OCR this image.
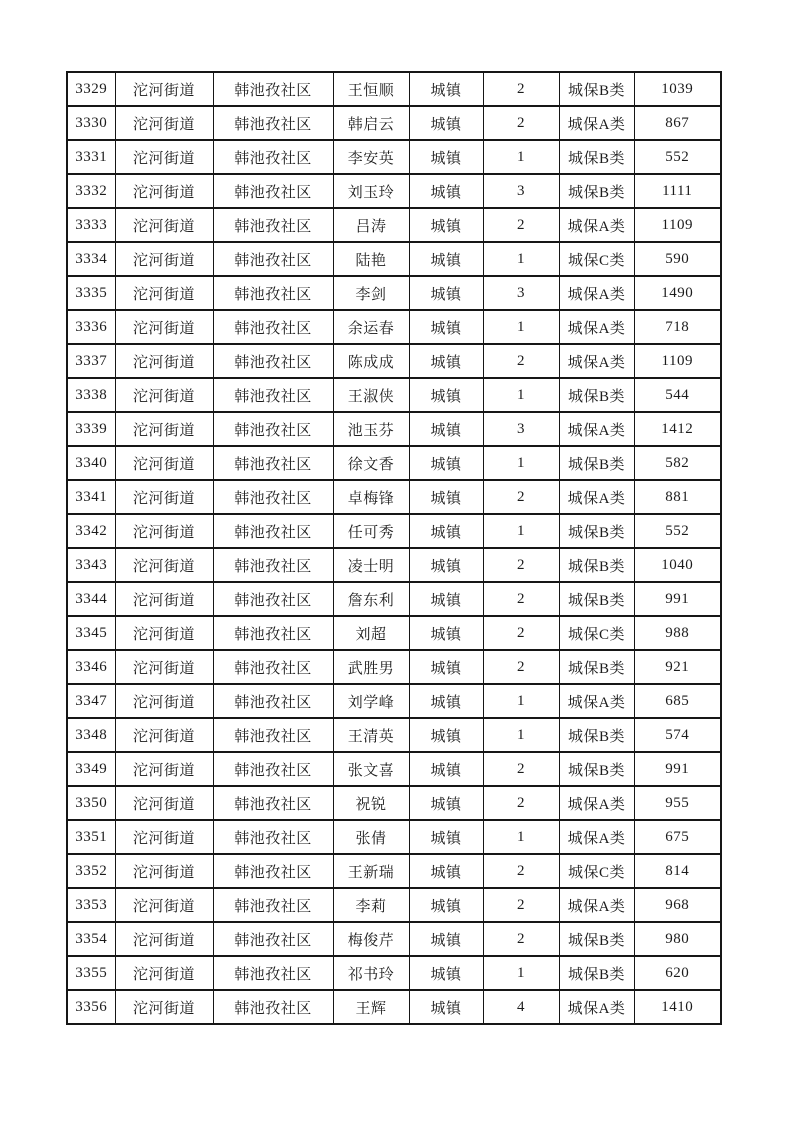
3329	沱河街道	韩池孜社区	王恒顺	城镇	2	城保B类	1039
3330	沱河街道	韩池孜社区	韩启云	城镇	2	城保A类	867
3331	沱河街道	韩池孜社区	李安英	城镇	1	城保B类	552
3332	沱河街道	韩池孜社区	刘玉玲	城镇	3	城保B类	1111
3333	沱河街道	韩池孜社区	吕涛	城镇	2	城保A类	1109
3334	沱河街道	韩池孜社区	陆艳	城镇	1	城保C类	590
3335	沱河街道	韩池孜社区	李剑	城镇	3	城保A类	1490
3336	沱河街道	韩池孜社区	余运春	城镇	1	城保A类	718
3337	沱河街道	韩池孜社区	陈成成	城镇	2	城保A类	1109
3338	沱河街道	韩池孜社区	王淑侠	城镇	1	城保B类	544
3339	沱河街道	韩池孜社区	池玉芬	城镇	3	城保A类	1412
3340	沱河街道	韩池孜社区	徐文香	城镇	1	城保B类	582
3341	沱河街道	韩池孜社区	卓梅锋	城镇	2	城保A类	881
3342	沱河街道	韩池孜社区	任可秀	城镇	1	城保B类	552
3343	沱河街道	韩池孜社区	凌士明	城镇	2	城保B类	1040
3344	沱河街道	韩池孜社区	詹东利	城镇	2	城保B类	991
3345	沱河街道	韩池孜社区	刘超	城镇	2	城保C类	988
3346	沱河街道	韩池孜社区	武胜男	城镇	2	城保B类	921
3347	沱河街道	韩池孜社区	刘学峰	城镇	1	城保A类	685
3348	沱河街道	韩池孜社区	王清英	城镇	1	城保B类	574
3349	沱河街道	韩池孜社区	张文喜	城镇	2	城保B类	991
3350	沱河街道	韩池孜社区	祝锐	城镇	2	城保A类	955
3351	沱河街道	韩池孜社区	张倩	城镇	1	城保A类	675
3352	沱河街道	韩池孜社区	王新瑞	城镇	2	城保C类	814
3353	沱河街道	韩池孜社区	李莉	城镇	2	城保A类	968
3354	沱河街道	韩池孜社区	梅俊芹	城镇	2	城保B类	980
3355	沱河街道	韩池孜社区	祁书玲	城镇	1	城保B类	620
3356	沱河街道	韩池孜社区	王辉	城镇	4	城保A类	1410
